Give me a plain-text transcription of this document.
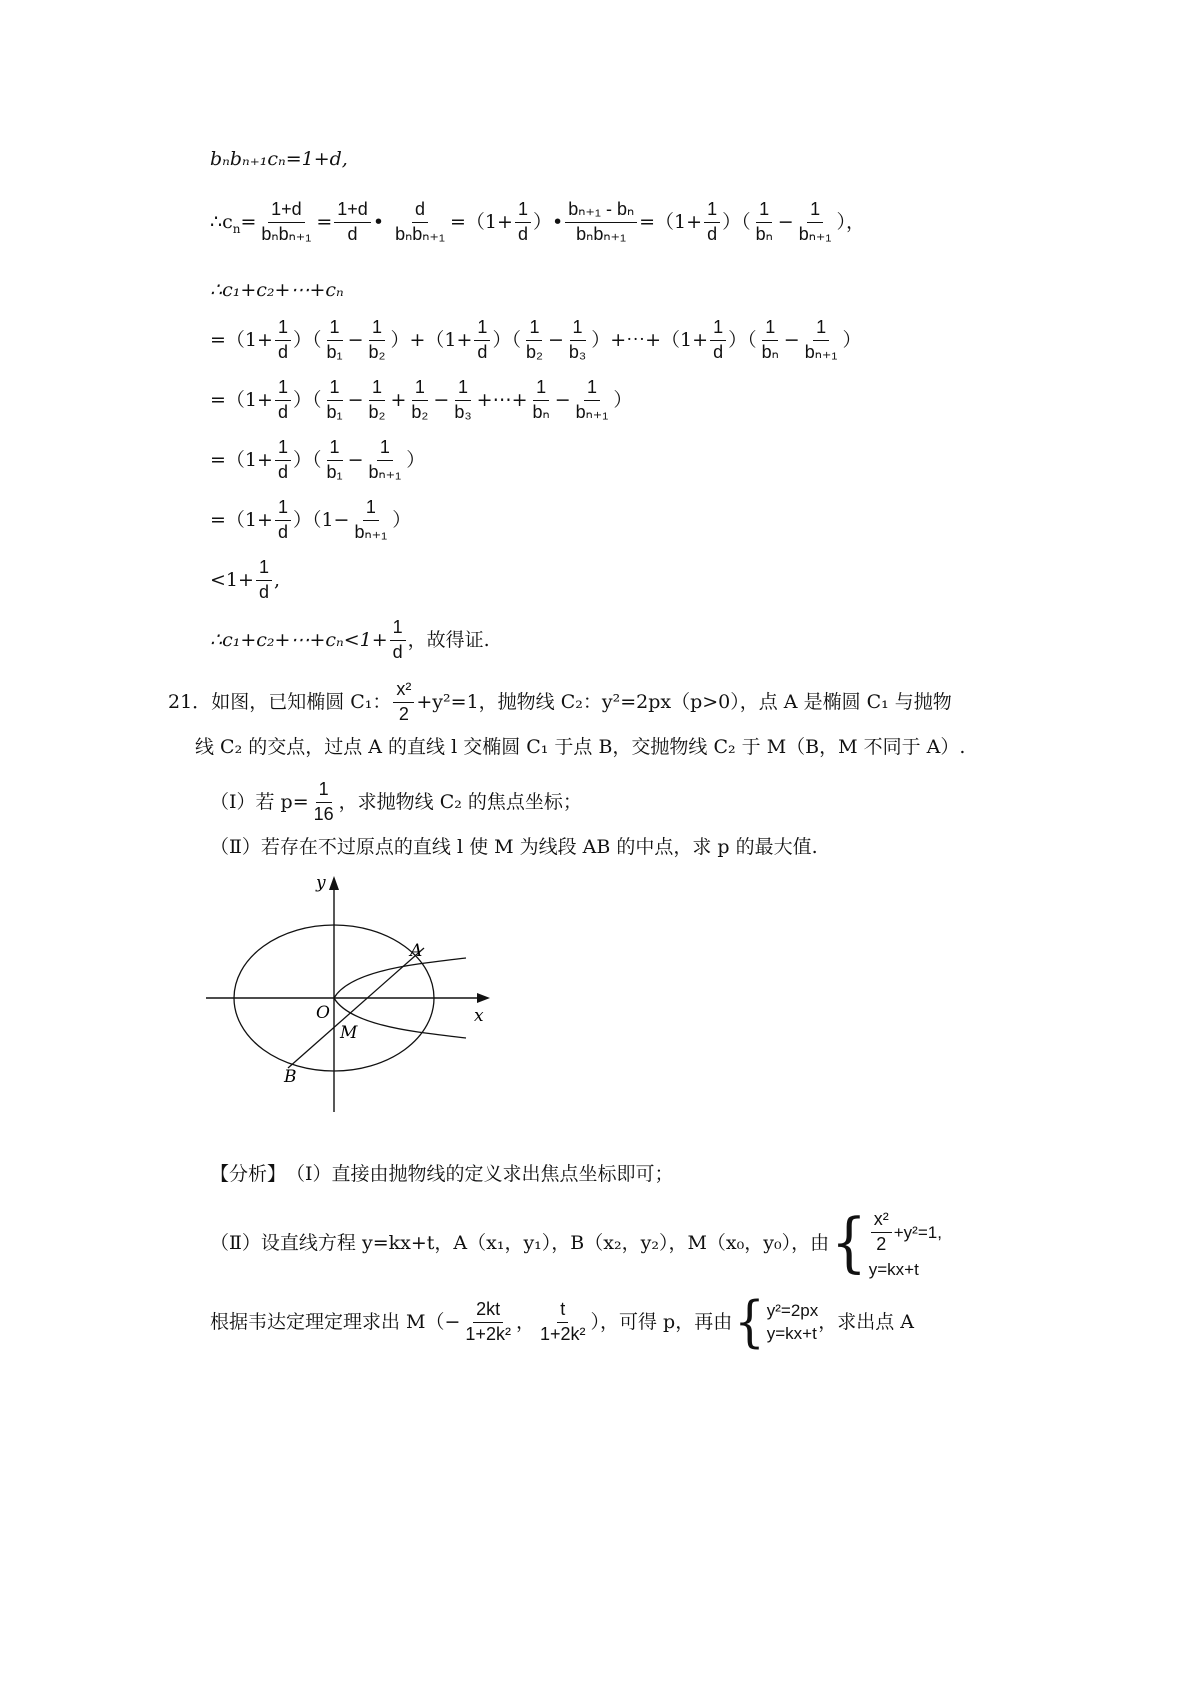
bₙbₙ₊₁cₙ=1+d,
$\therefore c_n= \frac{1+d}{\text{bₙbₙ₊₁}} = \frac{1+d}{d}$ • $\frac{d}{\text{bₙbₙ₊₁}} =(1+ \frac{1}{d}$ ）• $\frac{\text{bₙ₊₁ - bₙ}}{\text{bₙbₙ₊₁}} =(1+ \frac{1}{d}$ ）（ $\frac{1}{\text{bₙ}} - \frac{1}{\text{bₙ₊₁}}$ ），
∴c₁+c₂+⋯+cₙ
$=(1+ \frac{1}{d}$ ）（ $\frac{1}{\text{b₁}} - \frac{1}{\text{b₂}} )+(1+ \frac{1}{d}$ ）（ $\frac{1}{\text{b₂}} - \frac{1}{\text{b₃}}$ ）+⋯+（1+ $\frac{1}{d}$ ）（ $\frac{1}{\text{bₙ}} - \frac{1}{\text{bₙ₊₁}}$ ）
$=(1+ \frac{1}{d}$ ）（ $\frac{1}{\text{b₁}} - \frac{1}{\text{b₂}} + \frac{1}{\text{b₂}} - \frac{1}{\text{b₃}}$ +⋯+ $\frac{1}{\text{bₙ}} - \frac{1}{\text{bₙ₊₁}}$ ）
$=(1+ \frac{1}{d}$ ）（ $\frac{1}{\text{b₁}} - \frac{1}{\text{bₙ₊₁}}$ ）
$=(1+ \frac{1}{d} )(1- \frac{1}{\text{bₙ₊₁}}$ ）
$<1+ \frac{1}{d}$ ,
∴c₁+c₂+⋯+cₙ<1+ $\frac{1}{d}$ ，故得证.
21． 如图，已知椭圆 C₁： $\frac{\text{x²}}{2} +y^2=1$，抛物线 C₂：y²=2px（p>0），点 A 是椭圆 C₁ 与抛物
线 C₂ 的交点，过点 A 的直线 l 交椭圆 C₁ 于点 B，交抛物线 C₂ 于 M（B，M 不同于 A）.
（Ⅰ）若 $p= \frac{1}{16}$ ，求抛物线 C₂ 的焦点坐标；
（Ⅱ）若存在不过原点的直线 l 使 M 为线段 AB 的中点，求 p 的最大值.
y
x
O
A
B
M
【分析】 （Ⅰ）直接由抛物线的定义求出焦点坐标即可；
（Ⅱ）设直线方程 y=kx+t，A（x₁，y₁），B（x₂，y₂），M（x₀，y₀），由 { $\frac{\text{x²}}{2} +y^2=1$,
y=kx+t
根据韦达定理定理求出 $M(- \frac{2kt}{\text{1+2k²}}$ ， $\frac{t}{\text{1+2k²}}$ ），可得 p，再由 { y²=2px
y=kx+t
，求出点 A
